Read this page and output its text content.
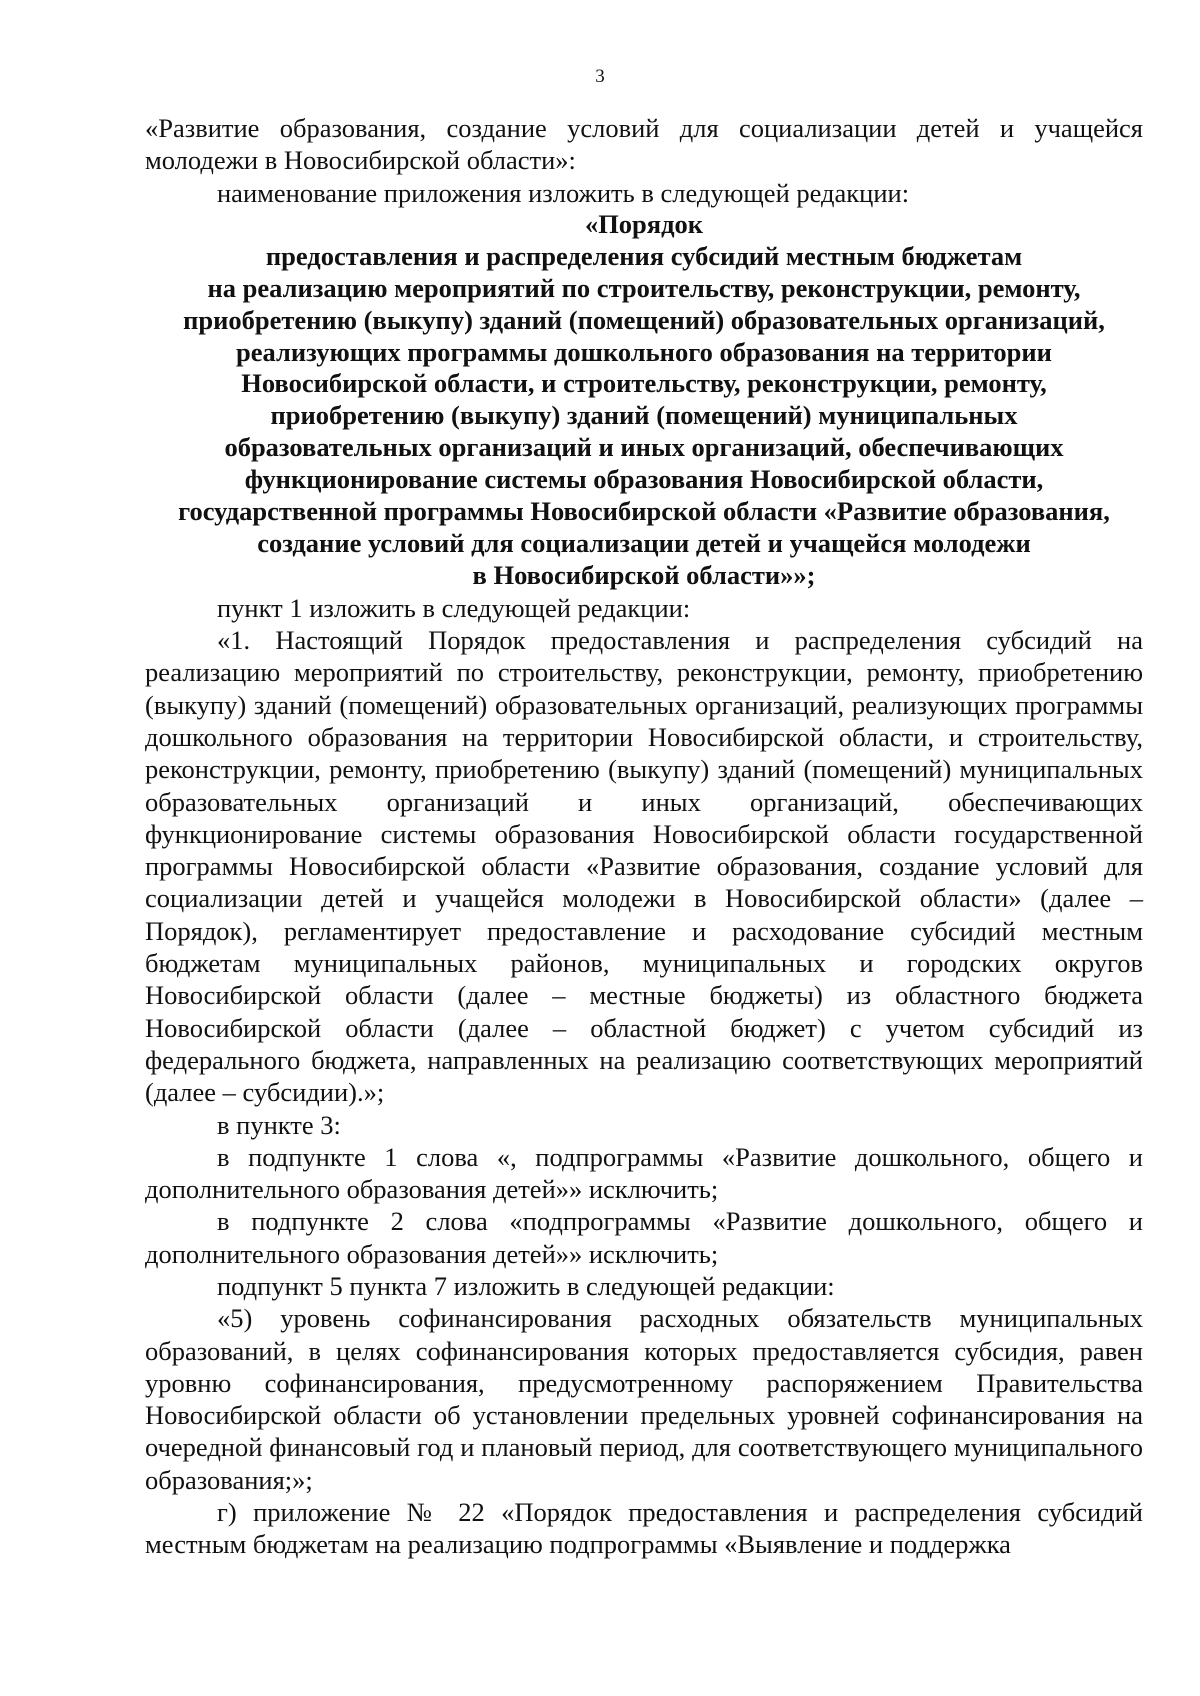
3

«Развитие образования, создание условий для социализации детей и учащейся молодежи в Новосибирской области»:

наименование приложения изложить в следующей редакции:

«Порядок
предоставления и распределения субсидий местным бюджетам
на реализацию мероприятий по строительству, реконструкции, ремонту,
приобретению (выкупу) зданий (помещений) образовательных организаций,
реализующих программы дошкольного образования на территории
Новосибирской области, и строительству, реконструкции, ремонту,
приобретению (выкупу) зданий (помещений) муниципальных
образовательных организаций и иных организаций, обеспечивающих
функционирование системы образования Новосибирской области,
государственной программы Новосибирской области «Развитие образования,
создание условий для социализации детей и учащейся молодежи
в Новосибирской области»»;

пункт 1 изложить в следующей редакции:

«1. Настоящий Порядок предоставления и распределения субсидий на реализацию мероприятий по строительству, реконструкции, ремонту, приобретению (выкупу) зданий (помещений) образовательных организаций, реализующих программы дошкольного образования на территории Новосибирской области, и строительству, реконструкции, ремонту, приобретению (выкупу) зданий (помещений) муниципальных образовательных организаций и иных организаций, обеспечивающих функционирование системы образования Новосибирской области государственной программы Новосибирской области «Развитие образования, создание условий для социализации детей и учащейся молодежи в Новосибирской области» (далее – Порядок), регламентирует предоставление и расходование субсидий местным бюджетам муниципальных районов, муниципальных и городских округов Новосибирской области (далее – местные бюджеты) из областного бюджета Новосибирской области (далее – областной бюджет) с учетом субсидий из федерального бюджета, направленных на реализацию соответствующих мероприятий (далее – субсидии).»;

в пункте 3:

в подпункте 1 слова «, подпрограммы «Развитие дошкольного, общего и дополнительного образования детей»» исключить;

в подпункте 2 слова «подпрограммы «Развитие дошкольного, общего и дополнительного образования детей»» исключить;

подпункт 5 пункта 7 изложить в следующей редакции:

«5) уровень софинансирования расходных обязательств муниципальных образований, в целях софинансирования которых предоставляется субсидия, равен уровню софинансирования, предусмотренному распоряжением Правительства Новосибирской области об установлении предельных уровней софинансирования на очередной финансовый год и плановый период, для соответствующего муниципального образования;»;

г) приложение № 22 «Порядок предоставления и распределения субсидий местным бюджетам на реализацию подпрограммы «Выявление и поддержка
